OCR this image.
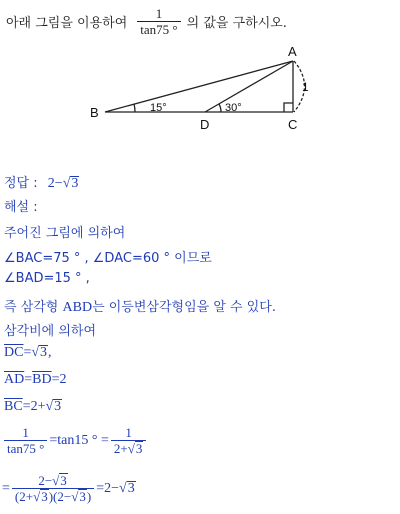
아래 그림을 이용하여 $\frac{1}{\tan 75 ^\circ}$ 의 값을 구하시오.
A
B
C
D
15°	30°
1
정답 : 2−√3
해설 :
주어진 그림에 의하여
∠BAC=75 ° , ∠DAC=60 ° 이므로
∠BAD=15 ° ,
즉 삼각형 ABD는 이등변삼각형임을 알 수 있다.
삼각비에 의하여
$\overline{DC}=√3$,
$\overline{AD}=\overline{BD}=2$
$\overline{BC}=2+√3$
$\frac{1}{\tan 75 ^\circ} =\tan 15$ ° = $\frac{1}{2+√3}$
= $\frac{2-√3}{(2+√3)(2-√3)} =2- √3$
